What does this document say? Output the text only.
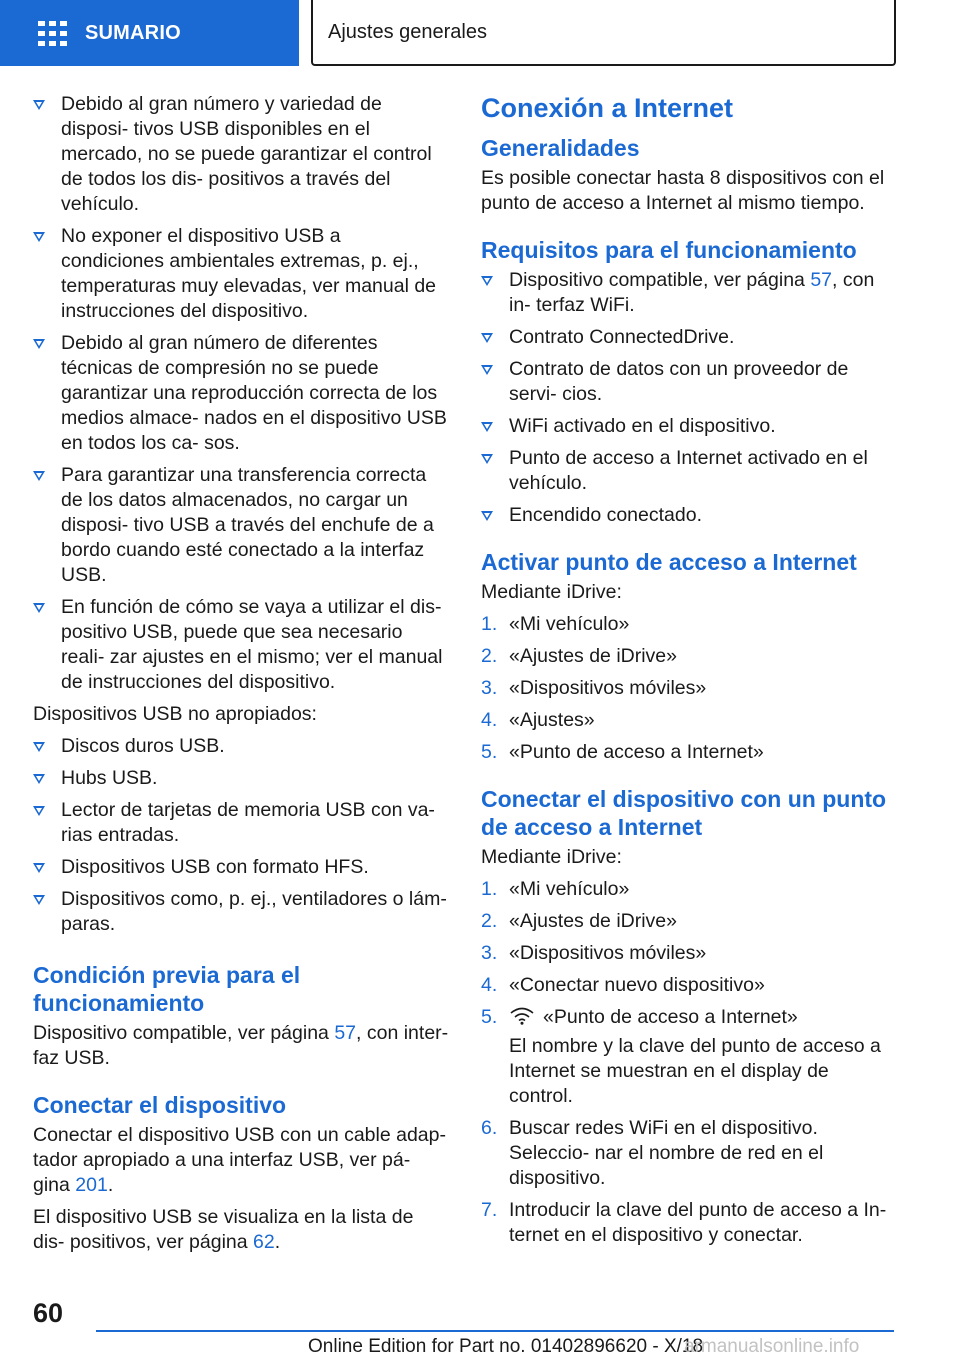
SUMARIO	Ajustes generales
Debido al gran número y variedad de disposi- tivos USB disponibles en el mercado, no se puede garantizar el control de todos los dis- positivos a través del vehículo.
No exponer el dispositivo USB a condiciones ambientales extremas, p. ej., temperaturas muy elevadas, ver manual de instrucciones del dispositivo.
Debido al gran número de diferentes técnicas de compresión no se puede garantizar una reproducción correcta de los medios almace- nados en el dispositivo USB en todos los ca- sos.
Para garantizar una transferencia correcta de los datos almacenados, no cargar un disposi- tivo USB a través del enchufe de a bordo cuando esté conectado a la interfaz USB.
En función de cómo se vaya a utilizar el dis- positivo USB, puede que sea necesario reali- zar ajustes en el mismo; ver el manual de instrucciones del dispositivo.

Dispositivos USB no apropiados:

Discos duros USB.
Hubs USB.
Lector de tarjetas de memoria USB con va- rias entradas.
Dispositivos USB con formato HFS.
Dispositivos como, p. ej., ventiladores o lám- paras.
Condición previa para el funcionamiento

Dispositivo compatible, ver página 57, con inter- faz USB.

Conectar el dispositivo

Conectar el dispositivo USB con un cable adap- tador apropiado a una interfaz USB, ver pá- gina 201.

El dispositivo USB se visualiza en la lista de dis- positivos, ver página 62.

Conexión a Internet
Generalidades

Es posible conectar hasta 8 dispositivos con el punto de acceso a Internet al mismo tiempo.

Requisitos para el funcionamiento
Dispositivo compatible, ver página 57, con in- terfaz WiFi.
Contrato ConnectedDrive.
Contrato de datos con un proveedor de servi- cios.
WiFi activado en el dispositivo.
Punto de acceso a Internet activado en el vehículo.
Encendido conectado.
Activar punto de acceso a Internet

Mediante iDrive:

1. «Mi vehículo»
2. «Ajustes de iDrive»
3. «Dispositivos móviles»
4. «Ajustes»
5. «Punto de acceso a Internet»
Conectar el dispositivo con un punto de acceso a Internet

Mediante iDrive:

1. «Mi vehículo»
2. «Ajustes de iDrive»
3. «Dispositivos móviles»
4. «Conectar nuevo dispositivo»
5. «Punto de acceso a Internet»
El nombre y la clave del punto de acceso a Internet se muestran en el display de control.
6. Buscar redes WiFi en el dispositivo. Seleccio- nar el nombre de red en el dispositivo.
7. Introducir la clave del punto de acceso a In- ternet en el dispositivo y conectar.
60
Online Edition for Part no. 01402896620 - X/18
armanualsonline.info
